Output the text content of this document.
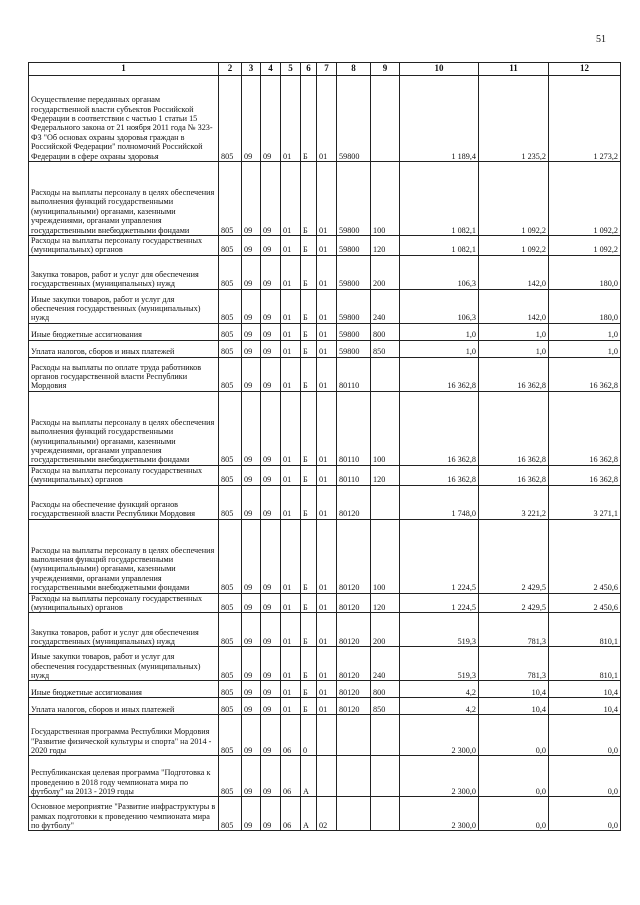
51
1	2	3	4	5	6	7	8	9	10	11	12
Осуществление переданных органам государственной власти субъектов Российской Федерации в соответствии с частью 1 статьи 15 Федерального закона от 21 ноября 2011 года № 323-ФЗ "Об основах охраны здоровья граждан в Российской Федерации" полномочий Российской Федерации в сфере охраны здоровья	805	09	09	01	Б	01	59800		1 189,4	1 235,2	1 273,2
Расходы на выплаты персоналу в целях обеспечения выполнения функций государственными (муниципальными) органами, казенными учреждениями, органами управления государственными внебюджетными фондами	805	09	09	01	Б	01	59800	100	1 082,1	1 092,2	1 092,2
Расходы на выплаты персоналу государственных (муниципальных) органов	805	09	09	01	Б	01	59800	120	1 082,1	1 092,2	1 092,2
Закупка товаров, работ и услуг для обеспечения государственных (муниципальных) нужд	805	09	09	01	Б	01	59800	200	106,3	142,0	180,0
Иные закупки товаров, работ и услуг для обеспечения государственных (муниципальных) нужд	805	09	09	01	Б	01	59800	240	106,3	142,0	180,0
Иные бюджетные ассигнования	805	09	09	01	Б	01	59800	800	1,0	1,0	1,0
Уплата налогов, сборов и иных платежей	805	09	09	01	Б	01	59800	850	1,0	1,0	1,0
Расходы на выплаты по оплате труда работников органов государственной власти Республики Мордовия	805	09	09	01	Б	01	80110		16 362,8	16 362,8	16 362,8
Расходы на выплаты персоналу в целях обеспечения выполнения функций государственными (муниципальными) органами, казенными учреждениями, органами управления государственными внебюджетными фондами	805	09	09	01	Б	01	80110	100	16 362,8	16 362,8	16 362,8
Расходы на выплаты персоналу государственных (муниципальных) органов	805	09	09	01	Б	01	80110	120	16 362,8	16 362,8	16 362,8
Расходы на обеспечение функций органов государственной власти Республики Мордовия	805	09	09	01	Б	01	80120		1 748,0	3 221,2	3 271,1
Расходы на выплаты персоналу в целях обеспечения выполнения функций государственными (муниципальными) органами, казенными учреждениями, органами управления государственными внебюджетными фондами	805	09	09	01	Б	01	80120	100	1 224,5	2 429,5	2 450,6
Расходы на выплаты персоналу государственных (муниципальных) органов	805	09	09	01	Б	01	80120	120	1 224,5	2 429,5	2 450,6
Закупка товаров, работ и услуг для обеспечения государственных (муниципальных) нужд	805	09	09	01	Б	01	80120	200	519,3	781,3	810,1
Иные закупки товаров, работ и услуг для обеспечения государственных (муниципальных) нужд	805	09	09	01	Б	01	80120	240	519,3	781,3	810,1
Иные бюджетные ассигнования	805	09	09	01	Б	01	80120	800	4,2	10,4	10,4
Уплата налогов, сборов и иных платежей	805	09	09	01	Б	01	80120	850	4,2	10,4	10,4
Государственная программа Республики Мордовия "Развитие физической культуры и спорта" на 2014 - 2020 годы	805	09	09	06	0				2 300,0	0,0	0,0
Республиканская целевая программа "Подготовка к проведению в 2018 году чемпионата мира по футболу" на 2013 - 2019 годы	805	09	09	06	А				2 300,0	0,0	0,0
Основное мероприятие "Развитие инфраструктуры в рамках подготовки к проведению чемпионата мира по футболу"	805	09	09	06	А	02			2 300,0	0,0	0,0
